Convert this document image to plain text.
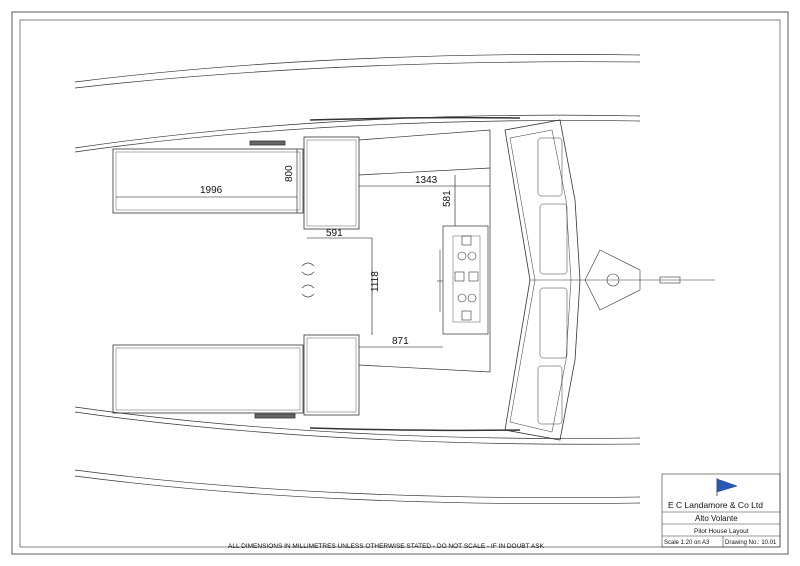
1996
800	1343
581
591
1118
871
ALL DIMENSIONS IN MILLIMETRES UNLESS OTHERWISE STATED - DO NOT SCALE - IF IN DOUBT ASK
E C Landamore & Co Ltd
Alto Volante
Pilot House Layout
Scale 1:20 on A3	Drawing No.: 10.01
